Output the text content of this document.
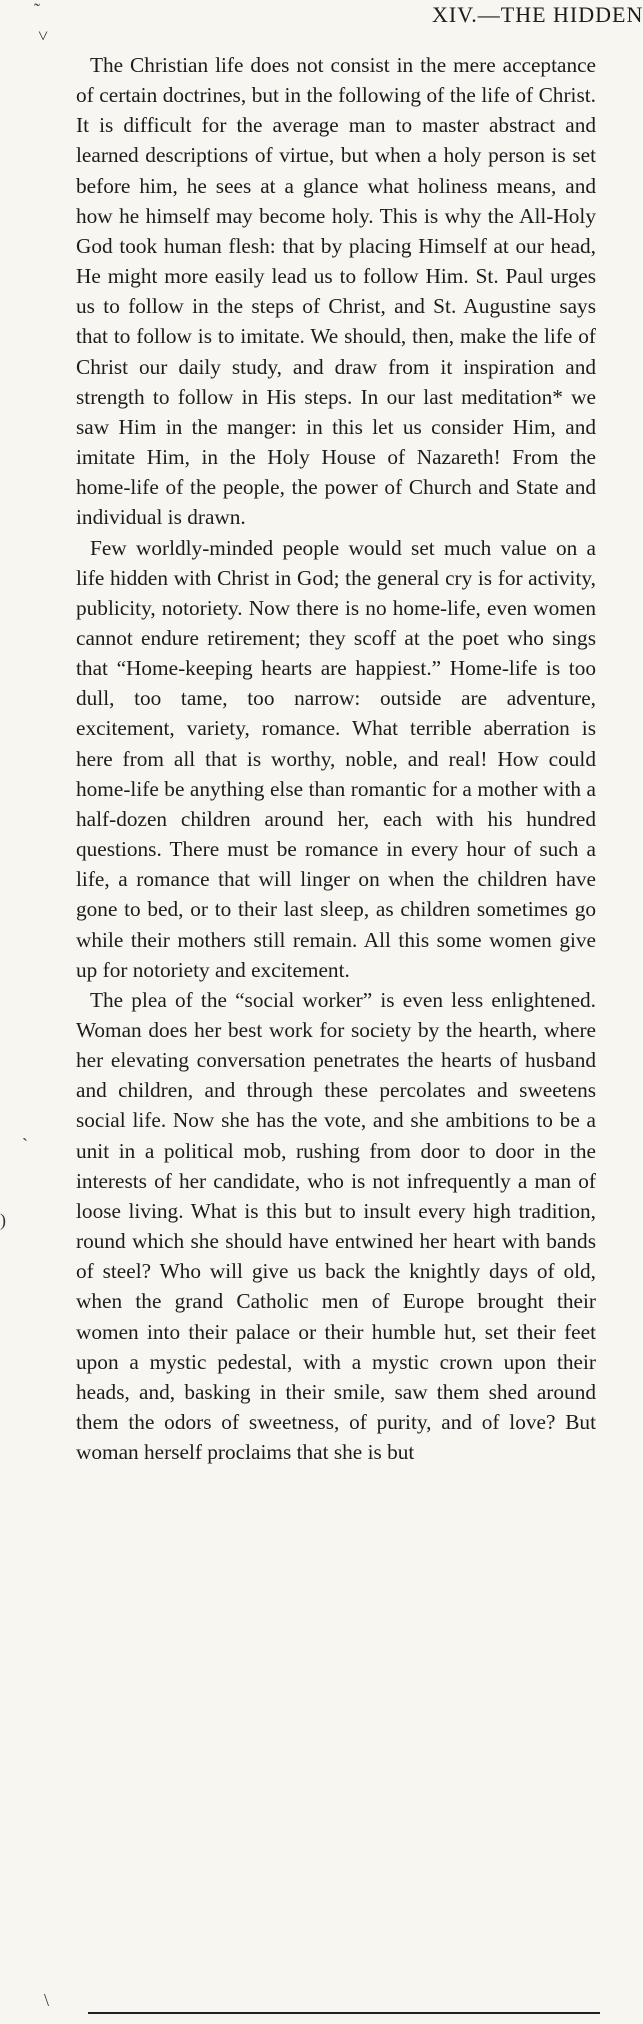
˜
˅
XIV.—THE HIDDEN

The Christian life does not consist in the mere acceptance of certain doctrines, but in the following of the life of Christ. It is difficult for the average man to master abstract and learned descriptions of virtue, but when a holy person is set before him, he sees at a glance what holiness means, and how he himself may become holy. This is why the All-Holy God took human flesh: that by placing Himself at our head, He might more easily lead us to follow Him. St. Paul urges us to follow in the steps of Christ, and St. Augustine says that to follow is to imitate. We should, then, make the life of Christ our daily study, and draw from it inspiration and strength to follow in His steps. In our last meditation* we saw Him in the manger: in this let us consider Him, and imitate Him, in the Holy House of Nazareth! From the home-life of the people, the power of Church and State and individual is drawn.

Few worldly-minded people would set much value on a life hidden with Christ in God; the general cry is for activity, publicity, notoriety. Now there is no home-life, even women cannot endure retirement; they scoff at the poet who sings that “Home-keeping hearts are happiest.” Home-life is too dull, too tame, too narrow: outside are adventure, excitement, variety, romance. What terrible aberration is here from all that is worthy, noble, and real! How could home-life be anything else than romantic for a mother with a half-dozen children around her, each with his hundred questions. There must be romance in every hour of such a life, a romance that will linger on when the children have gone to bed, or to their last sleep, as children sometimes go while their mothers still remain. All this some women give up for notoriety and excitement.

The plea of the “social worker” is even less enlightened. Woman does her best work for society by the hearth, where her elevating conversation penetrates the hearts of husband and children, and through these percolates and sweetens social life. Now she has the vote, and she ambitions to be a unit in a political mob, rushing from door to door in the interests of her candidate, who is not infrequently a man of loose living. What is this but to insult every high tradition, round which she should have entwined her heart with bands of steel? Who will give us back the knightly days of old, when the grand Catholic men of Europe brought their women into their palace or their humble hut, set their feet upon a mystic pedestal, with a mystic crown upon their heads, and, basking in their smile, saw them shed around them the odors of sweetness, of purity, and of love? But woman herself proclaims that she is but

`
)
\
